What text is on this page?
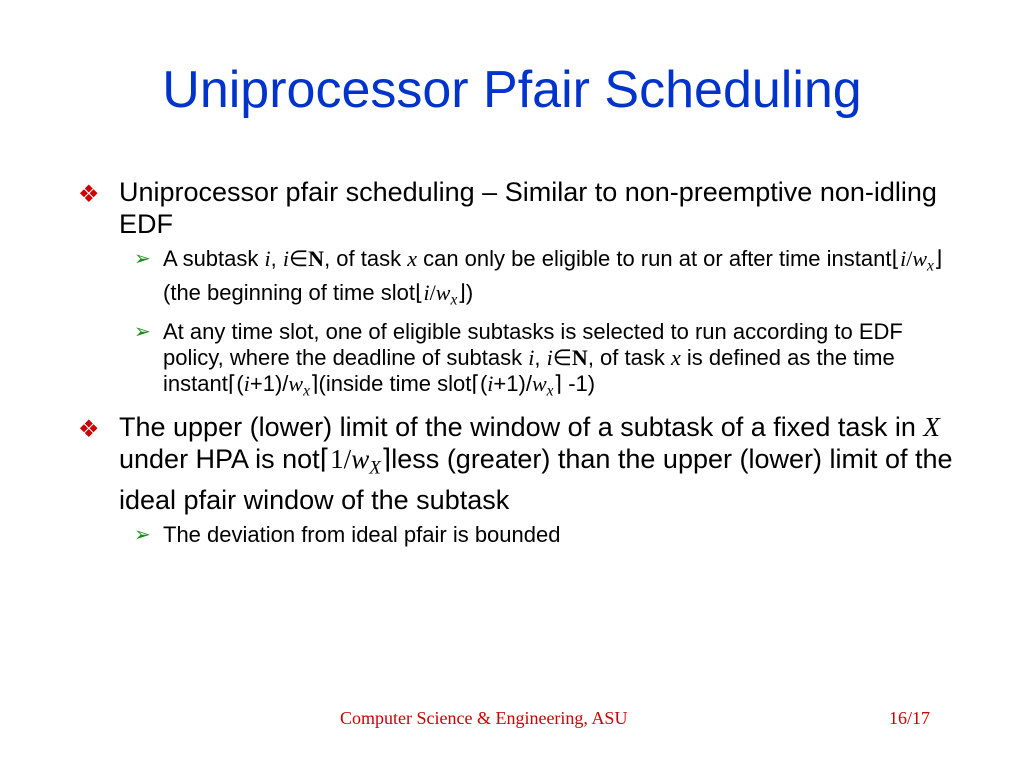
Uniprocessor Pfair Scheduling
❖ Uniprocessor pfair scheduling – Similar to non-preemptive non-idling EDF
➢ A subtask i, i∈N, of task x can only be eligible to run at or after time $instant⌊i/w_x⌋$ (the beginning of time $slot⌊i/w_x⌋$)
➢ At any time slot, one of eligible subtasks is selected to run according to EDF policy, where the deadline of subtask i, i∈N, of task x is defined as the time $instant⌈(i+1)/w_x⌉(inside$ time $slot⌈(i+1)/w_x⌉$ -1)
❖ The upper (lower) limit of the window of a subtask of a fixed task in X under HPA is $not⌈1/w_X⌉less$ (greater) than the upper (lower) limit of the ideal pfair window of the subtask
➢ The deviation from ideal pfair is bounded
Computer Science & Engineering, ASU	16/17
